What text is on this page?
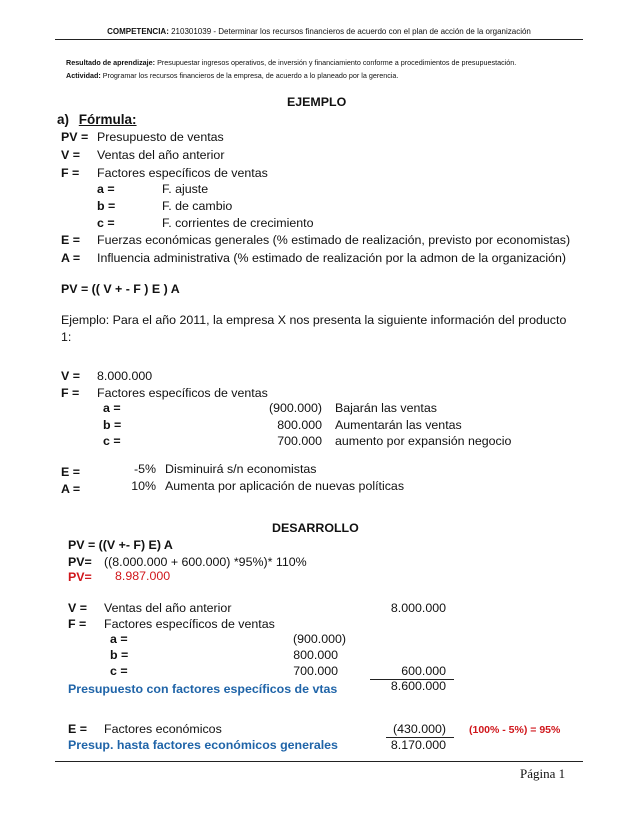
COMPETENCIA: 210301039 - Determinar los recursos financieros de acuerdo con el plan de acción de la organización
Resultado de aprendizaje: Presupuestar ingresos operativos, de inversión y financiamiento conforme a procedimientos de presupuestación.
Actividad: Programar los recursos financieros de la empresa, de acuerdo a lo planeado por la gerencia.
EJEMPLO
a) Fórmula:
PV = Presupuesto de ventas
V = Ventas del año anterior
F = Factores específicos de ventas
a =	F. ajuste
b =	F. de cambio
c =	F. corrientes de crecimiento
E = Fuerzas económicas generales (% estimado de realización, previsto por economistas)
A = Influencia administrativa (% estimado de realización por la admon de la organización)
PV = (( V + - F ) E ) A
Ejemplo: Para el año 2011, la empresa X nos presenta la siguiente información del producto
1:
V = 8.000.000
F = Factores específicos de ventas
a =	(900.000) Bajarán las ventas
b =	800.000 Aumentarán las ventas
c =	700.000 aumento por expansión negocio
E =	-5% Disminuirá s/n economistas
A =	10% Aumenta por aplicación de nuevas políticas
DESARROLLO
PV = ((V +- F) E) A
PV= ((8.000.000 + 600.000) *95%)* 110%
PV= 8.987.000
V = Ventas del año anterior	8.000.000
F = Factores específicos de ventas
a =	(900.000)
b =	800.000
c =	700.000	600.000
Presupuesto con factores específicos de vtas	8.600.000
E = Factores económicos	(430.000) (100% - 5%) = 95%
Presup. hasta factores económicos generales	8.170.000
Página 1
